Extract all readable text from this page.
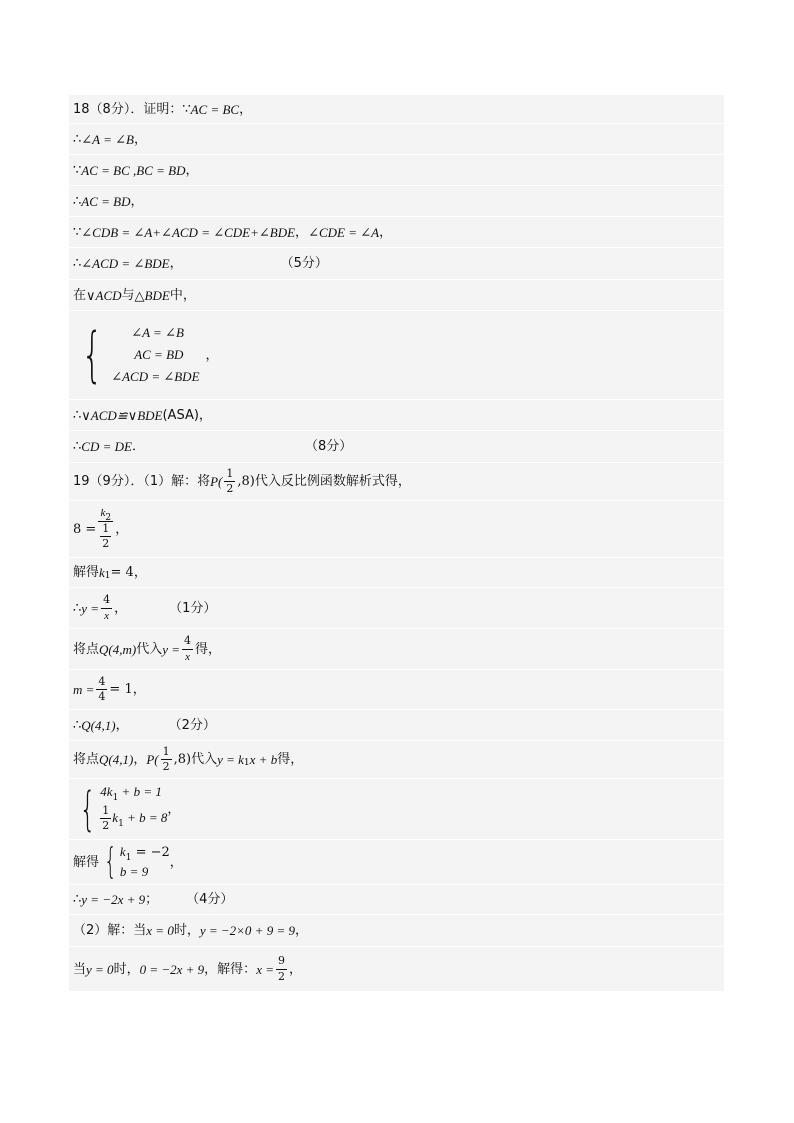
18（8分）．证明：∵ AC = BC ，
∴ ∠A = ∠B ，
∵ AC = BC ,BC = BD ，
∴ AC = BD ，
∵ ∠CDB = ∠A+∠ACD = ∠CDE+∠BDE ， ∠CDE = ∠A ，
∴ ∠ACD = ∠BDE ，	（5分）
在 ∨ACD 与 △BDE 中，
{	∠A = ∠B
AC = BD
∠ACD = ∠BDE
，
∴ ∨ACD≌∨BDE (ASA) ，
∴ CD = DE ．	（8分）
19（9分）．（1）解：将 $P( \frac{1}{2} ,8)$ 代入反比例函数解析式得，
$8 = \frac{k_2}{\frac{1}{2}}$ ，
解得 k 1 = 4 ，
∴ $y = \frac{4}{x}$ ，	（1分）
将点 Q(4,m) 代入 $y = \frac{4}{x}$ 得，
$m = \frac{4}{4} = 1$ ，
∴ Q(4,1) ，	（2分）
将点 Q(4,1) ， $P( \frac{1}{2} ,8)$ 代入 y = k 1 x + b 得，
{ $4k_1 + b = 1$
$\frac{1}{2} k_1 + b = 8$
，
解得 { $k_1 = -2$
b = 9
，
∴ y = −2x + 9 ； （4分）
（2）解：当 x = 0 时， y = −2×0 + 9 = 9 ，
当 y = 0 时， 0 = −2x + 9 ，解得： $x = \frac{9}{2}$ ，
